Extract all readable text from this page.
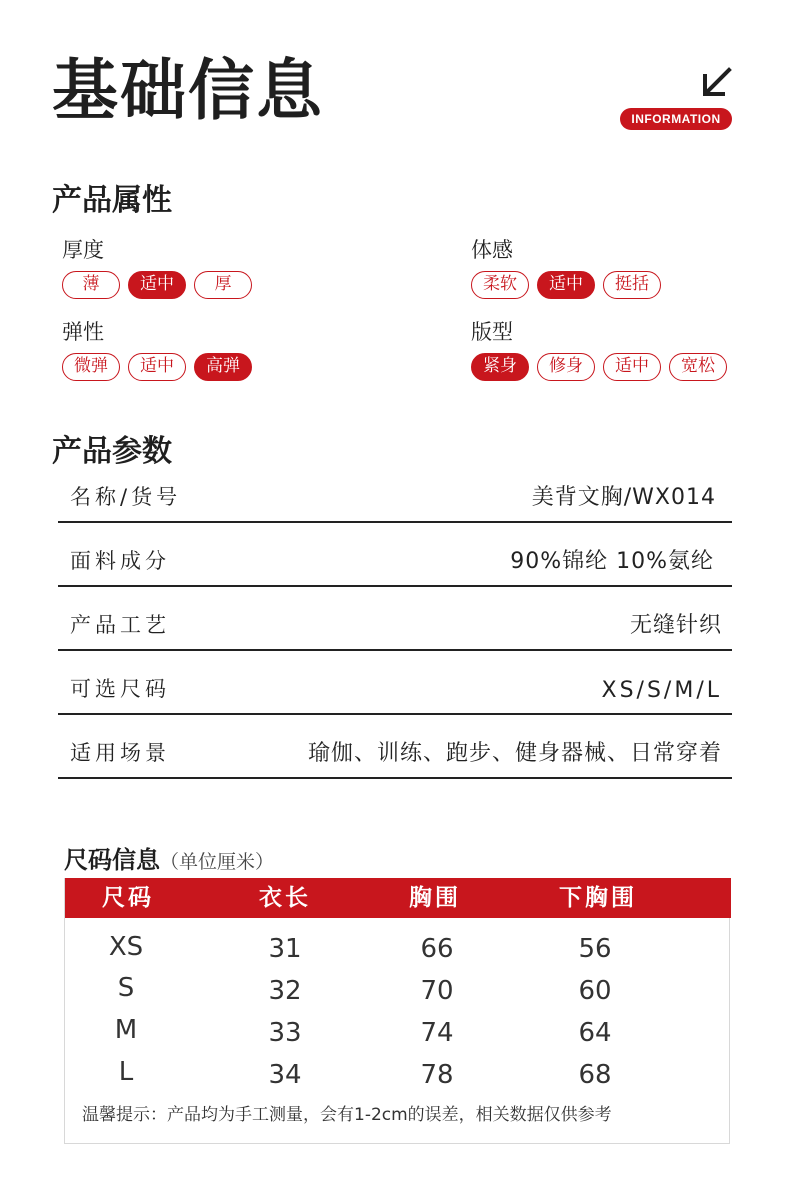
基础信息	INFORMATION
产品属性
厚度
薄	适中	厚
体感
柔软	适中	挺括
弹性
微弹	适中	高弹
版型
紧身	修身	适中	宽松
产品参数
名称/货号	美背文胸/WX014
面料成分	90%锦纶 10%氨纶
产品工艺	无缝针织
可选尺码	XS/S/M/L
适用场景	瑜伽、训练、跑步、健身器械、日常穿着
尺码信息（单位厘米）
尺码	衣长	胸围	下胸围
XS	31	66	56
S	32	70	60
M	33	74	64
L	34	78	68
温馨提示：产品均为手工测量，会有1-2cm的误差，相关数据仅供参考
